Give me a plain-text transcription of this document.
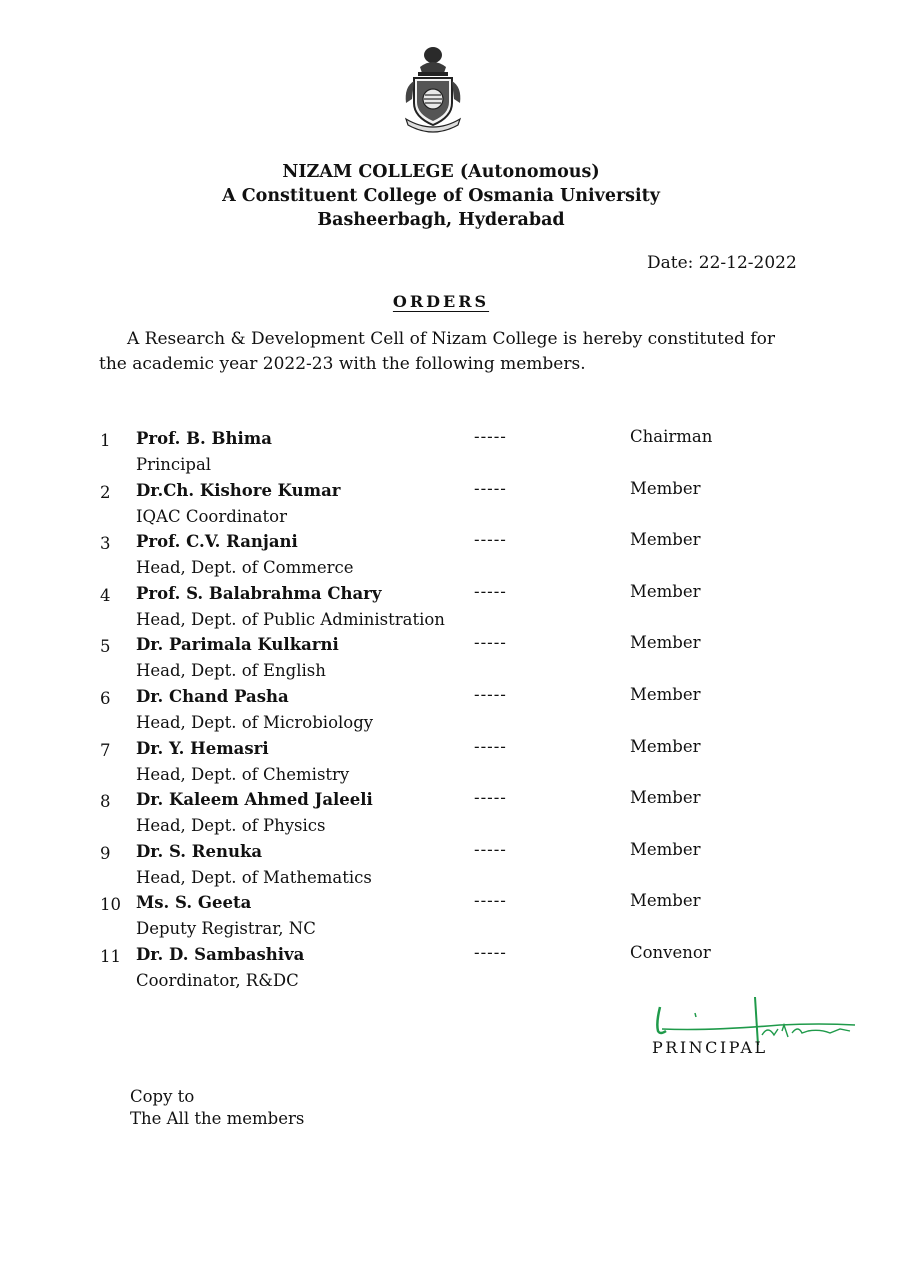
NIZAM COLLEGE (Autonomous)
A Constituent College of Osmania University
Basheerbagh, Hyderabad
Date: 22-12-2022
ORDERS
A Research & Development Cell of Nizam College is hereby constituted for the academic year 2022-23 with the following members.
1 Prof. B. Bhima
Principal
-----	Chairman
2 Dr.Ch. Kishore Kumar
IQAC Coordinator
-----	Member
3 Prof. C.V. Ranjani
Head, Dept. of Commerce
-----	Member
4 Prof. S. Balabrahma Chary
Head, Dept. of Public Administration
-----	Member
5 Dr. Parimala Kulkarni
Head, Dept. of English
-----	Member
6 Dr. Chand Pasha
Head, Dept. of Microbiology
-----	Member
7 Dr. Y. Hemasri
Head, Dept. of Chemistry
-----	Member
8 Dr. Kaleem Ahmed Jaleeli
Head, Dept. of Physics
-----	Member
9 Dr. S. Renuka
Head, Dept. of Mathematics
-----	Member
10 Ms. S. Geeta
Deputy Registrar, NC
-----	Member
11 Dr. D. Sambashiva
Coordinator, R&DC
-----	Convenor
PRINCIPAL
Copy to
The All the members
